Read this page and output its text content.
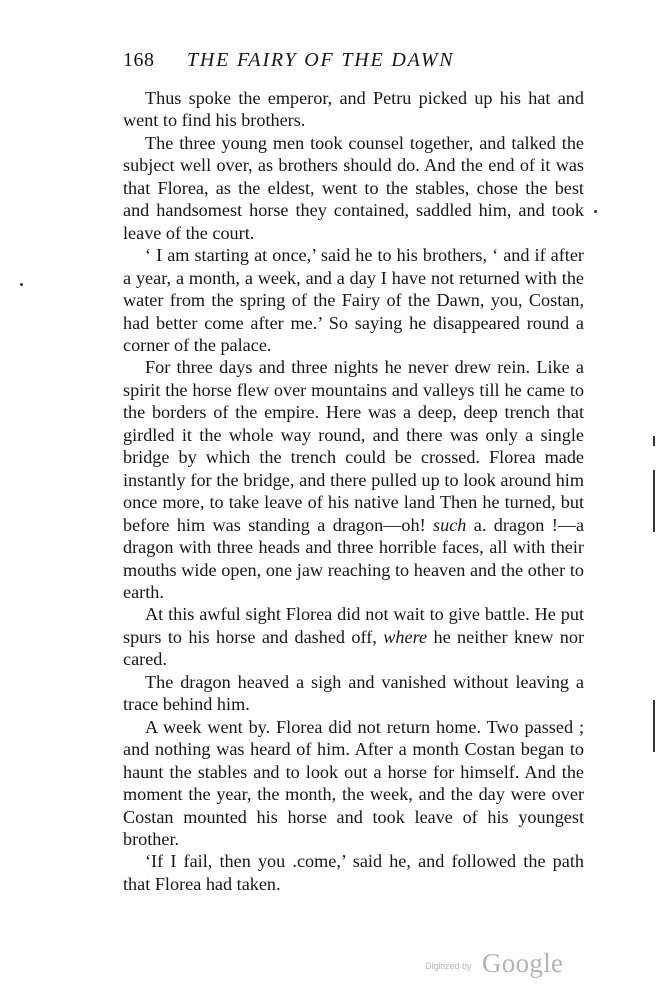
168 THE FAIRY OF THE DAWN

Thus spoke the emperor, and Petru picked up his hat and went to find his brothers.

The three young men took counsel together, and talked the subject well over, as brothers should do. And the end of it was that Florea, as the eldest, went to the stables, chose the best and handsomest horse they contained, saddled him, and took leave of the court.

‘ I am starting at once,’ said he to his brothers, ‘ and if after a year, a month, a week, and a day I have not returned with the water from the spring of the Fairy of the Dawn, you, Costan, had better come after me.’ So saying he disappeared round a corner of the palace.

For three days and three nights he never drew rein. Like a spirit the horse flew over mountains and valleys till he came to the borders of the empire. Here was a deep, deep trench that girdled it the whole way round, and there was only a single bridge by which the trench could be crossed. Florea made instantly for the bridge, and there pulled up to look around him once more, to take leave of his native land Then he turned, but before him was standing a dragon—oh! such a. dragon !—a dragon with three heads and three horrible faces, all with their mouths wide open, one jaw reaching to heaven and the other to earth.

At this awful sight Florea did not wait to give battle. He put spurs to his horse and dashed off, where he neither knew nor cared.

The dragon heaved a sigh and vanished without leaving a trace behind him.

A week went by. Florea did not return home. Two passed ; and nothing was heard of him. After a month Costan began to haunt the stables and to look out a horse for himself. And the moment the year, the month, the week, and the day were over Costan mounted his horse and took leave of his youngest brother.

‘If I fail, then you .come,’ said he, and followed the path that Florea had taken.

Digitized by Google
